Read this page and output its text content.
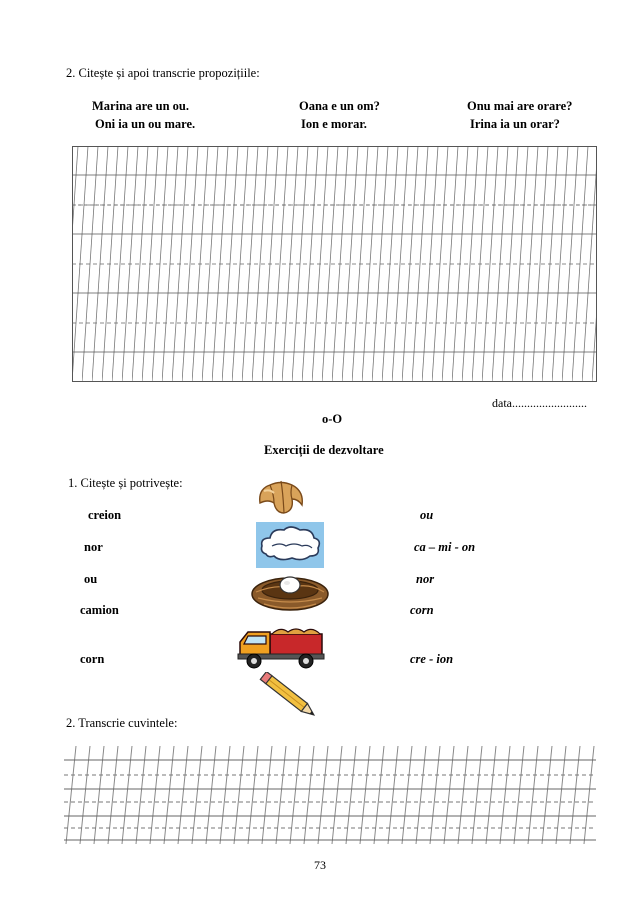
2. Citește și apoi transcrie propozițiile:
Marina are un ou.
Oni ia un ou mare.
Oana e un om?
Ion e morar.
Onu mai are orare?
Irina ia un orar?
data.........................
o-O
Exerciții de dezvoltare
1. Citește și potrivește:
creion
nor
ou
camion
corn
ou
ca – mi - on
nor
corn
cre - ion
2. Transcrie cuvintele:
73
